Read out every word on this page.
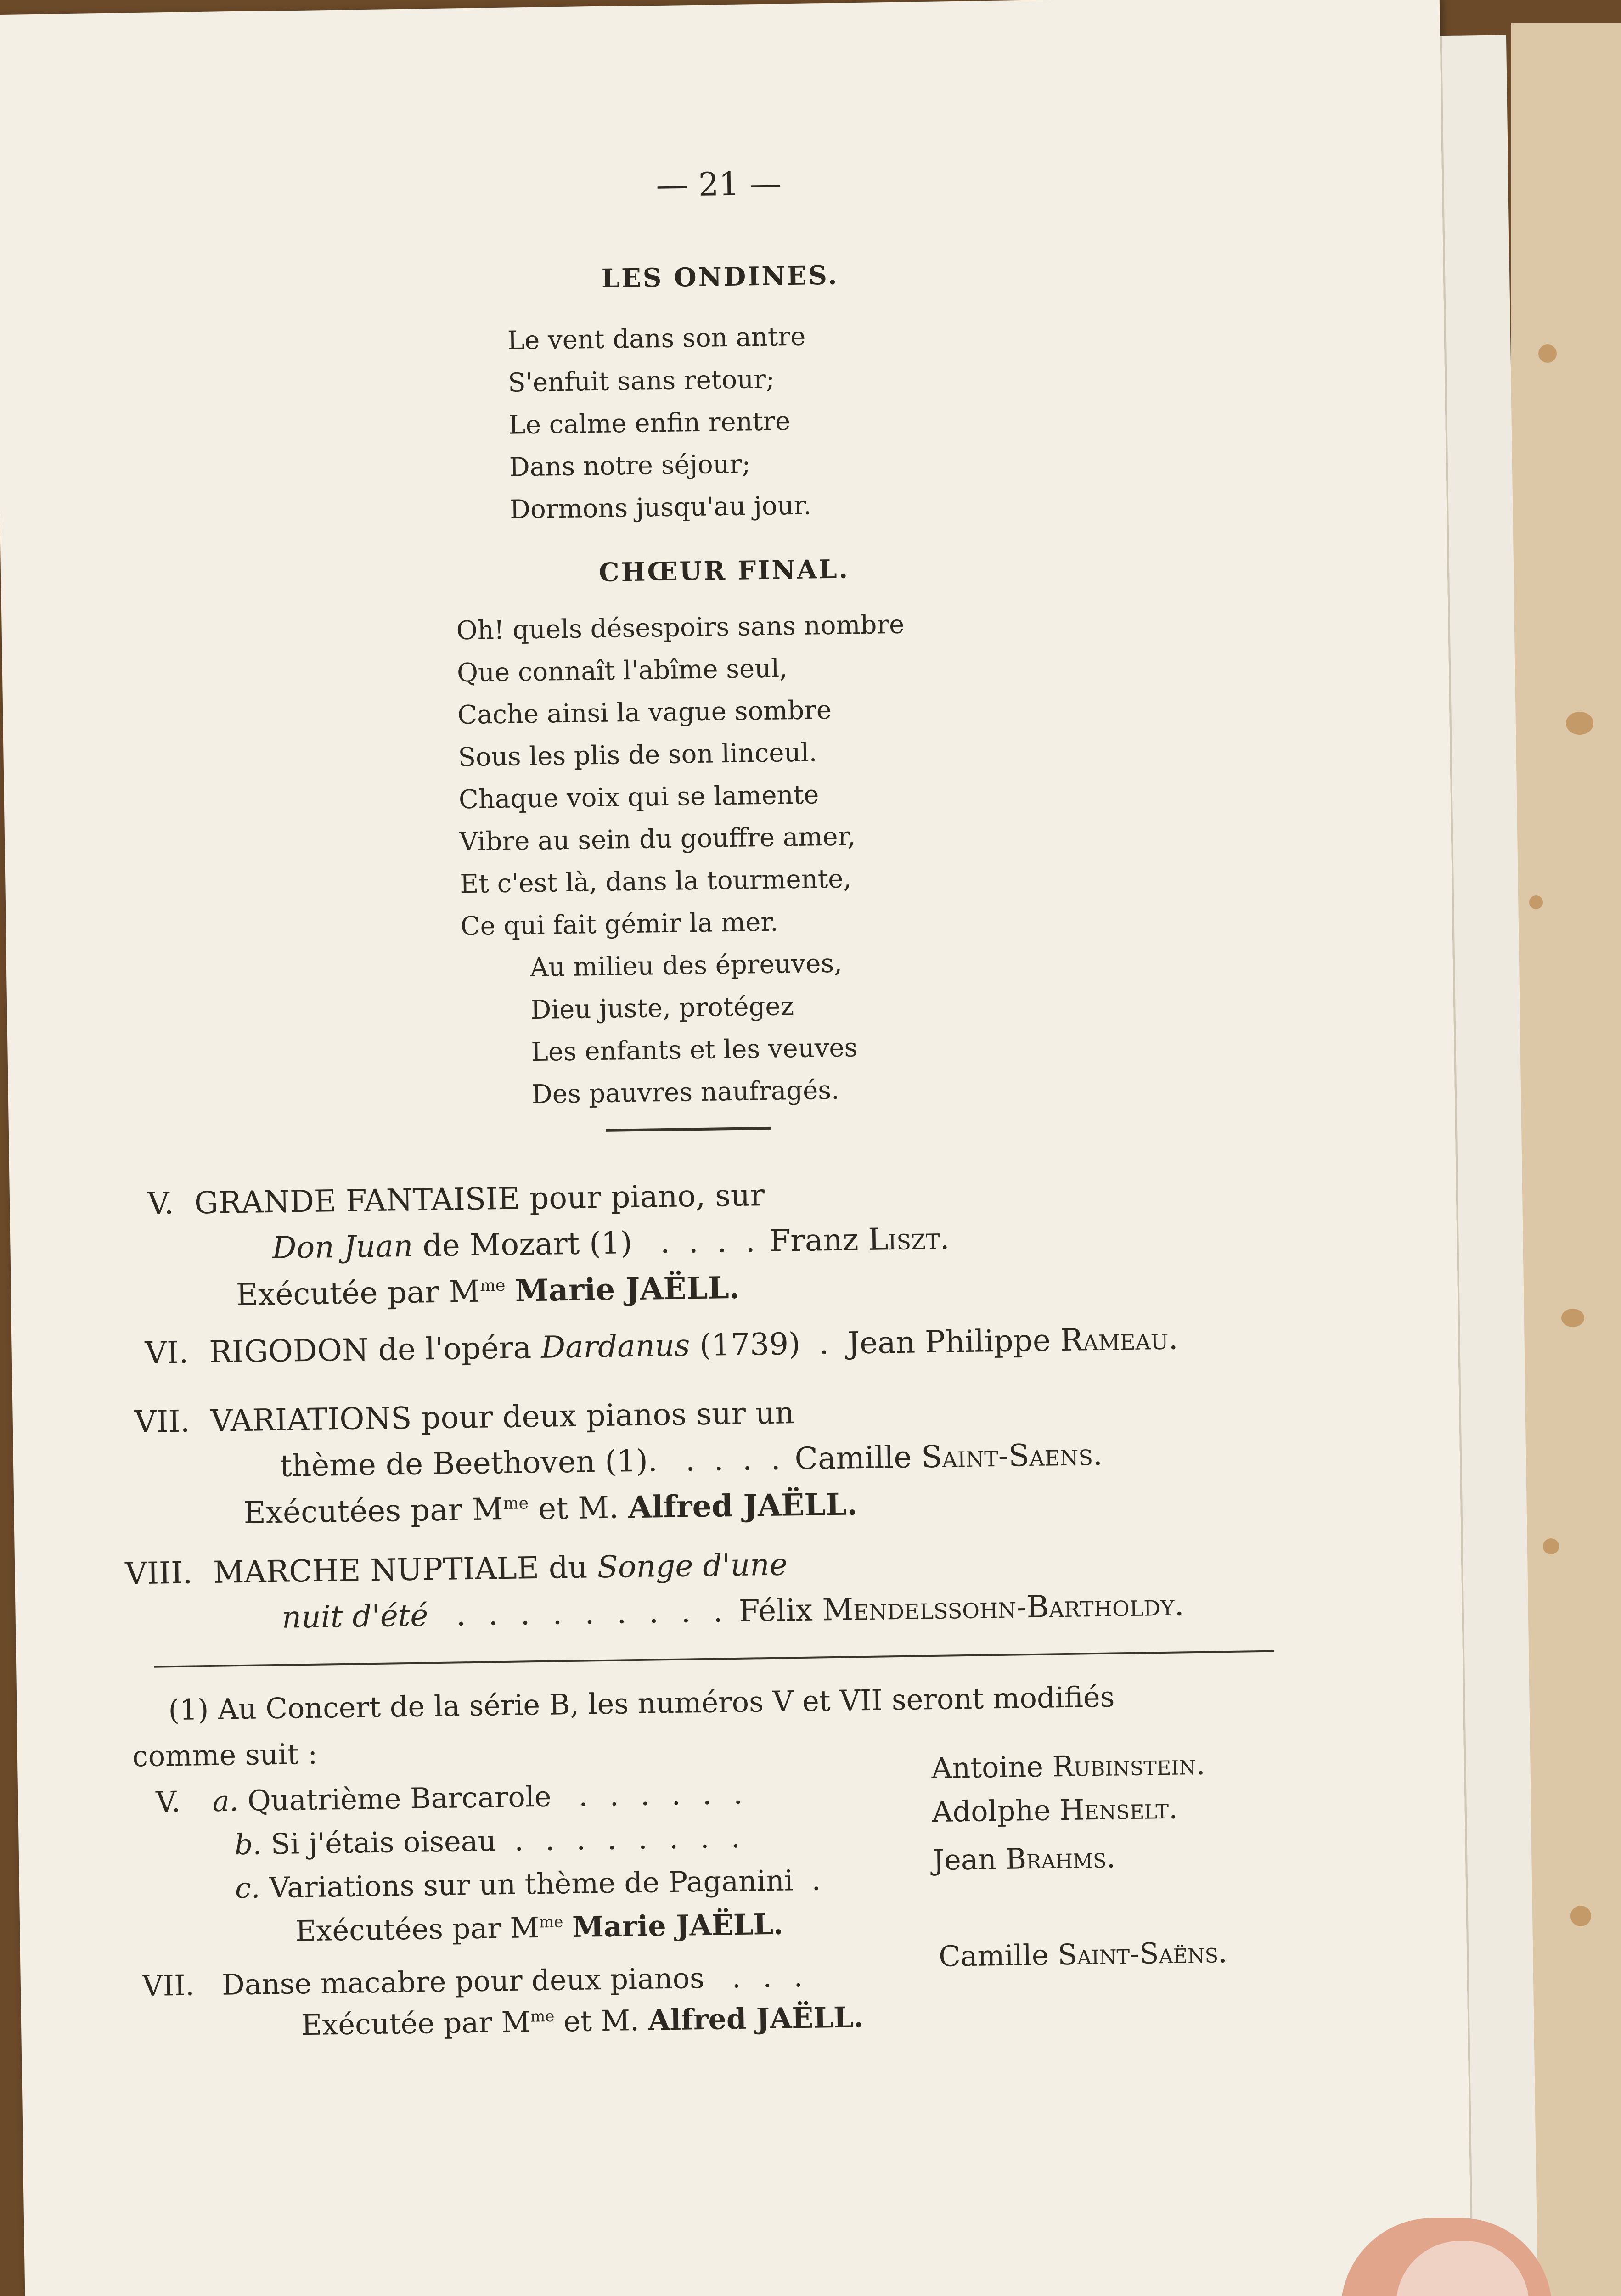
— 21 —
LES ONDINES.
Le vent dans son antre
S'enfuit sans retour;
Le calme enfin rentre
Dans notre séjour;
Dormons jusqu'au jour.
CHŒUR FINAL.
Oh! quels désespoirs sans nombre
Que connaît l'abîme seul,
Cache ainsi la vague sombre
Sous les plis de son linceul.
Chaque voix qui se lamente
Vibre au sein du gouffre amer,
Et c'est là, dans la tourmente,
Ce qui fait gémir la mer.
Au milieu des épreuves,
Dieu juste, protégez
Les enfants et les veuves
Des pauvres naufragés.
V. GRANDE FANTAISIE pour piano, sur
Don Juan de Mozart (1) . . . . Franz Liszt.
Exécutée par $M^{me}$ Marie JAËLL.
VI. RIGODON de l'opéra Dardanus (1739) . Jean Philippe Rameau.
VII. VARIATIONS pour deux pianos sur un
thème de Beethoven (1). . . . . Camille Saint-Saens.
Exécutées par $M^{me}$ et M. Alfred JAËLL.
VIII. MARCHE NUPTIALE du Songe d'une
nuit d'été . . . . . . . . . Félix Mendelssohn-Bartholdy.
(1) Au Concert de la série B, les numéros V et VII seront modifiés
comme suit :
V. a. Quatrième Barcarole . . . . . .
Antoine Rubinstein.
b. Si j'étais oiseau . . . . . . . .
Adolphe Henselt.
c. Variations sur un thème de Paganini .
Jean Brahms.
Exécutées par $M^{me}$ Marie JAËLL.
VII. Danse macabre pour deux pianos . . .
Camille Saint-Saëns.
Exécutée par $M^{me}$ et M. Alfred JAËLL.
